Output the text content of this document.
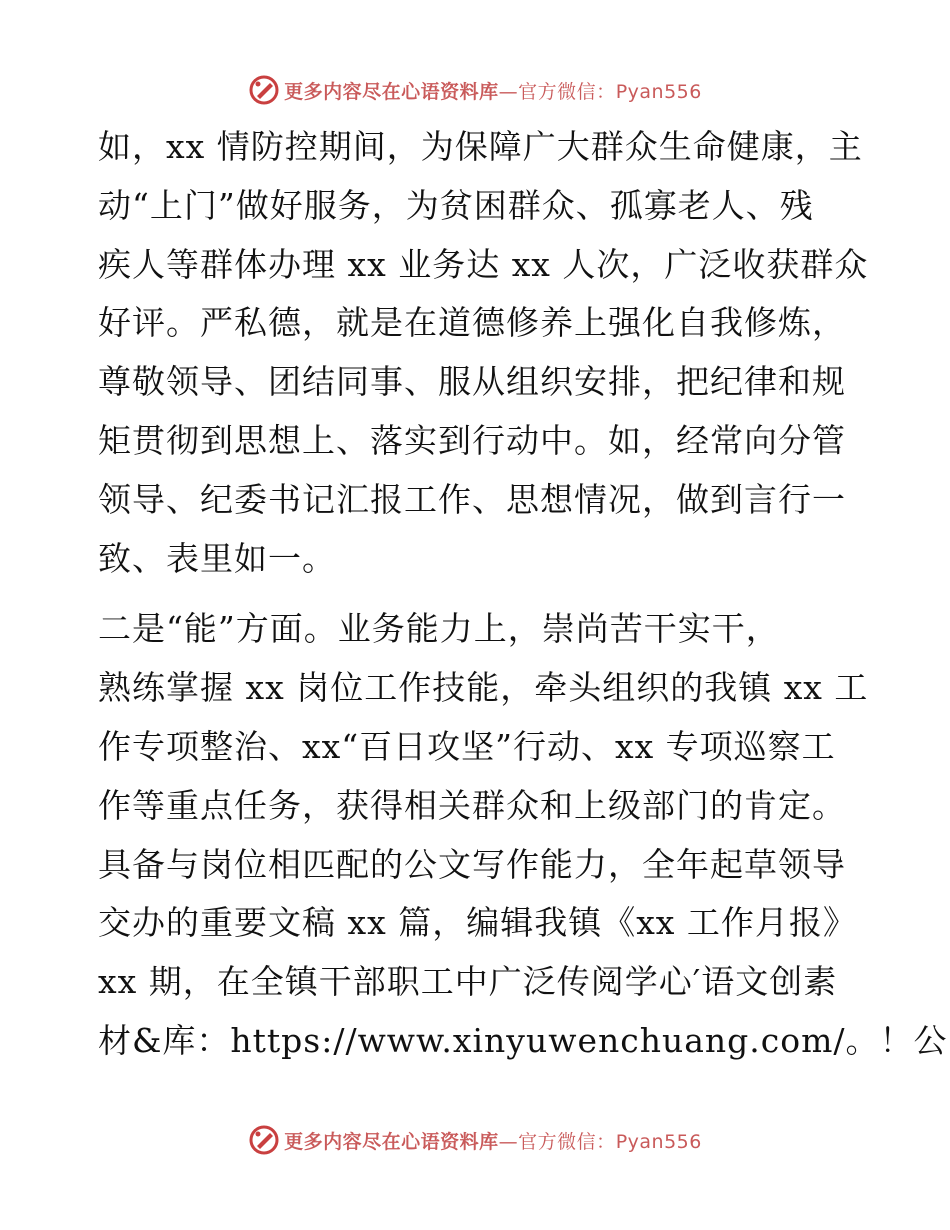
更多内容尽在心语资料库—官方微信：Pyan556
如，xx 情防控期间，为保障广大群众生命健康，主
动“上门”做好服务，为贫困群众、孤寡老人、残
疾人等群体办理 xx 业务达 xx 人次，广泛收获群众
好评。严私德，就是在道德修养上强化自我修炼，
尊敬领导、团结同事、服从组织安排，把纪律和规
矩贯彻到思想上、落实到行动中。如，经常向分管
领导、纪委书记汇报工作、思想情况，做到言行一
致、表里如一。
二是“能”方面。业务能力上，崇尚苦干实干，
熟练掌握 xx 岗位工作技能，牵头组织的我镇 xx 工
作专项整治、xx“百日攻坚”行动、xx 专项巡察工
作等重点任务，获得相关群众和上级部门的肯定。
具备与岗位相匹配的公文写作能力，全年起草领导
交办的重要文稿 xx 篇，编辑我镇《xx 工作月报》
xx 期，在全镇干部职工中广泛传阅学心′语文创素
材&库：https://www.xinyuwenchuang.com/。！公
更多内容尽在心语资料库—官方微信：Pyan556
